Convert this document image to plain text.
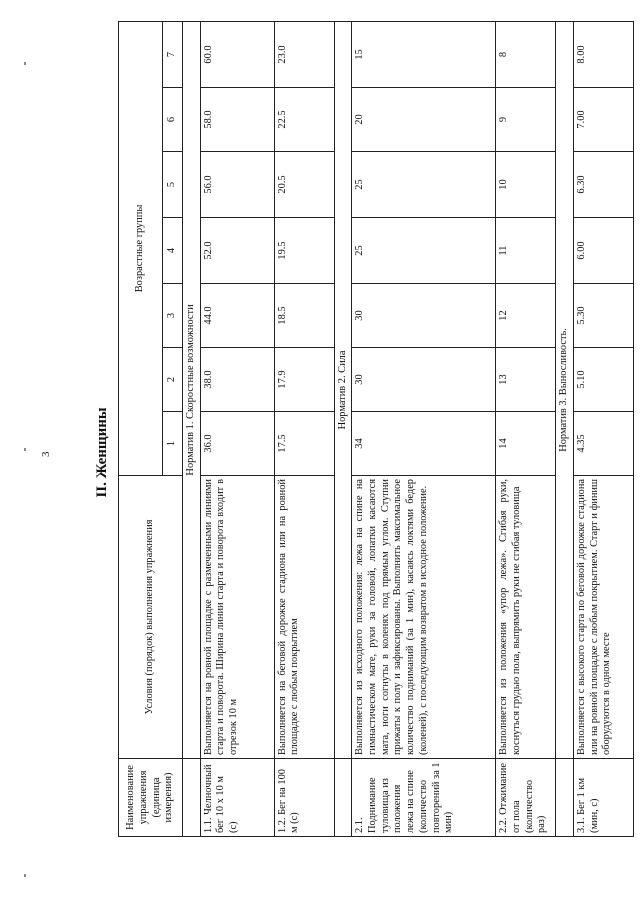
3	II. Женщины
Наименование упражнения (единица измерения)	Условия (порядок) выполнения упражнения	Возрастные группы						
		1	2	3	4	5	6	7
	Норматив 1. Скоростные возможности							
1.1. Челночный бег 10 х 10 м (с)	Выполняется на ровной площадке с размеченными линиями старта и поворота. Ширина линии старта и поворота входит в отрезок 10 м	36.0	38.0	44.0	52.0	56.0	58.0	60.0
1.2. Бег на 100 м (с)	Выполняется на беговой дорожке стадиона или на ровной площадке с любым покрытием	17.5	17.9	18.5	19.5	20.5	22.5	23.0
	Норматив 2. Сила							
2.1. Поднимание туловища из положения лежа на спине (количество повторений за 1 мин)	Выполняется из исходного положения: лежа на спине на гимнастическом мате, руки за головой, лопатки касаются мата, ноги согнуты в коленях под прямым углом. Ступни прижаты к полу и зафиксированы. Выполнить максимальное количество подниманий (за 1 мин), касаясь локтями бедер (коленей), с последующим возвратом в исходное положение.	34	30	30	25	25	20	15
2.2. Отжимание от пола (количество раз)	Выполняется из положения «упор лежа». Сгибая руки, коснуться грудью пола, выпрямить руки не сгибая туловища	14	13	12	11	10	9	8
	Норматив 3. Выносливость.							
3.1. Бег 1 км (мин, с)	Выполняется с высокого старта по беговой дорожке стадиона или на ровной площадке с любым покрытием. Старт и финиш оборудуются в одном месте	4.35	5.10	5.30	6.00	6.30	7.00	8.00
